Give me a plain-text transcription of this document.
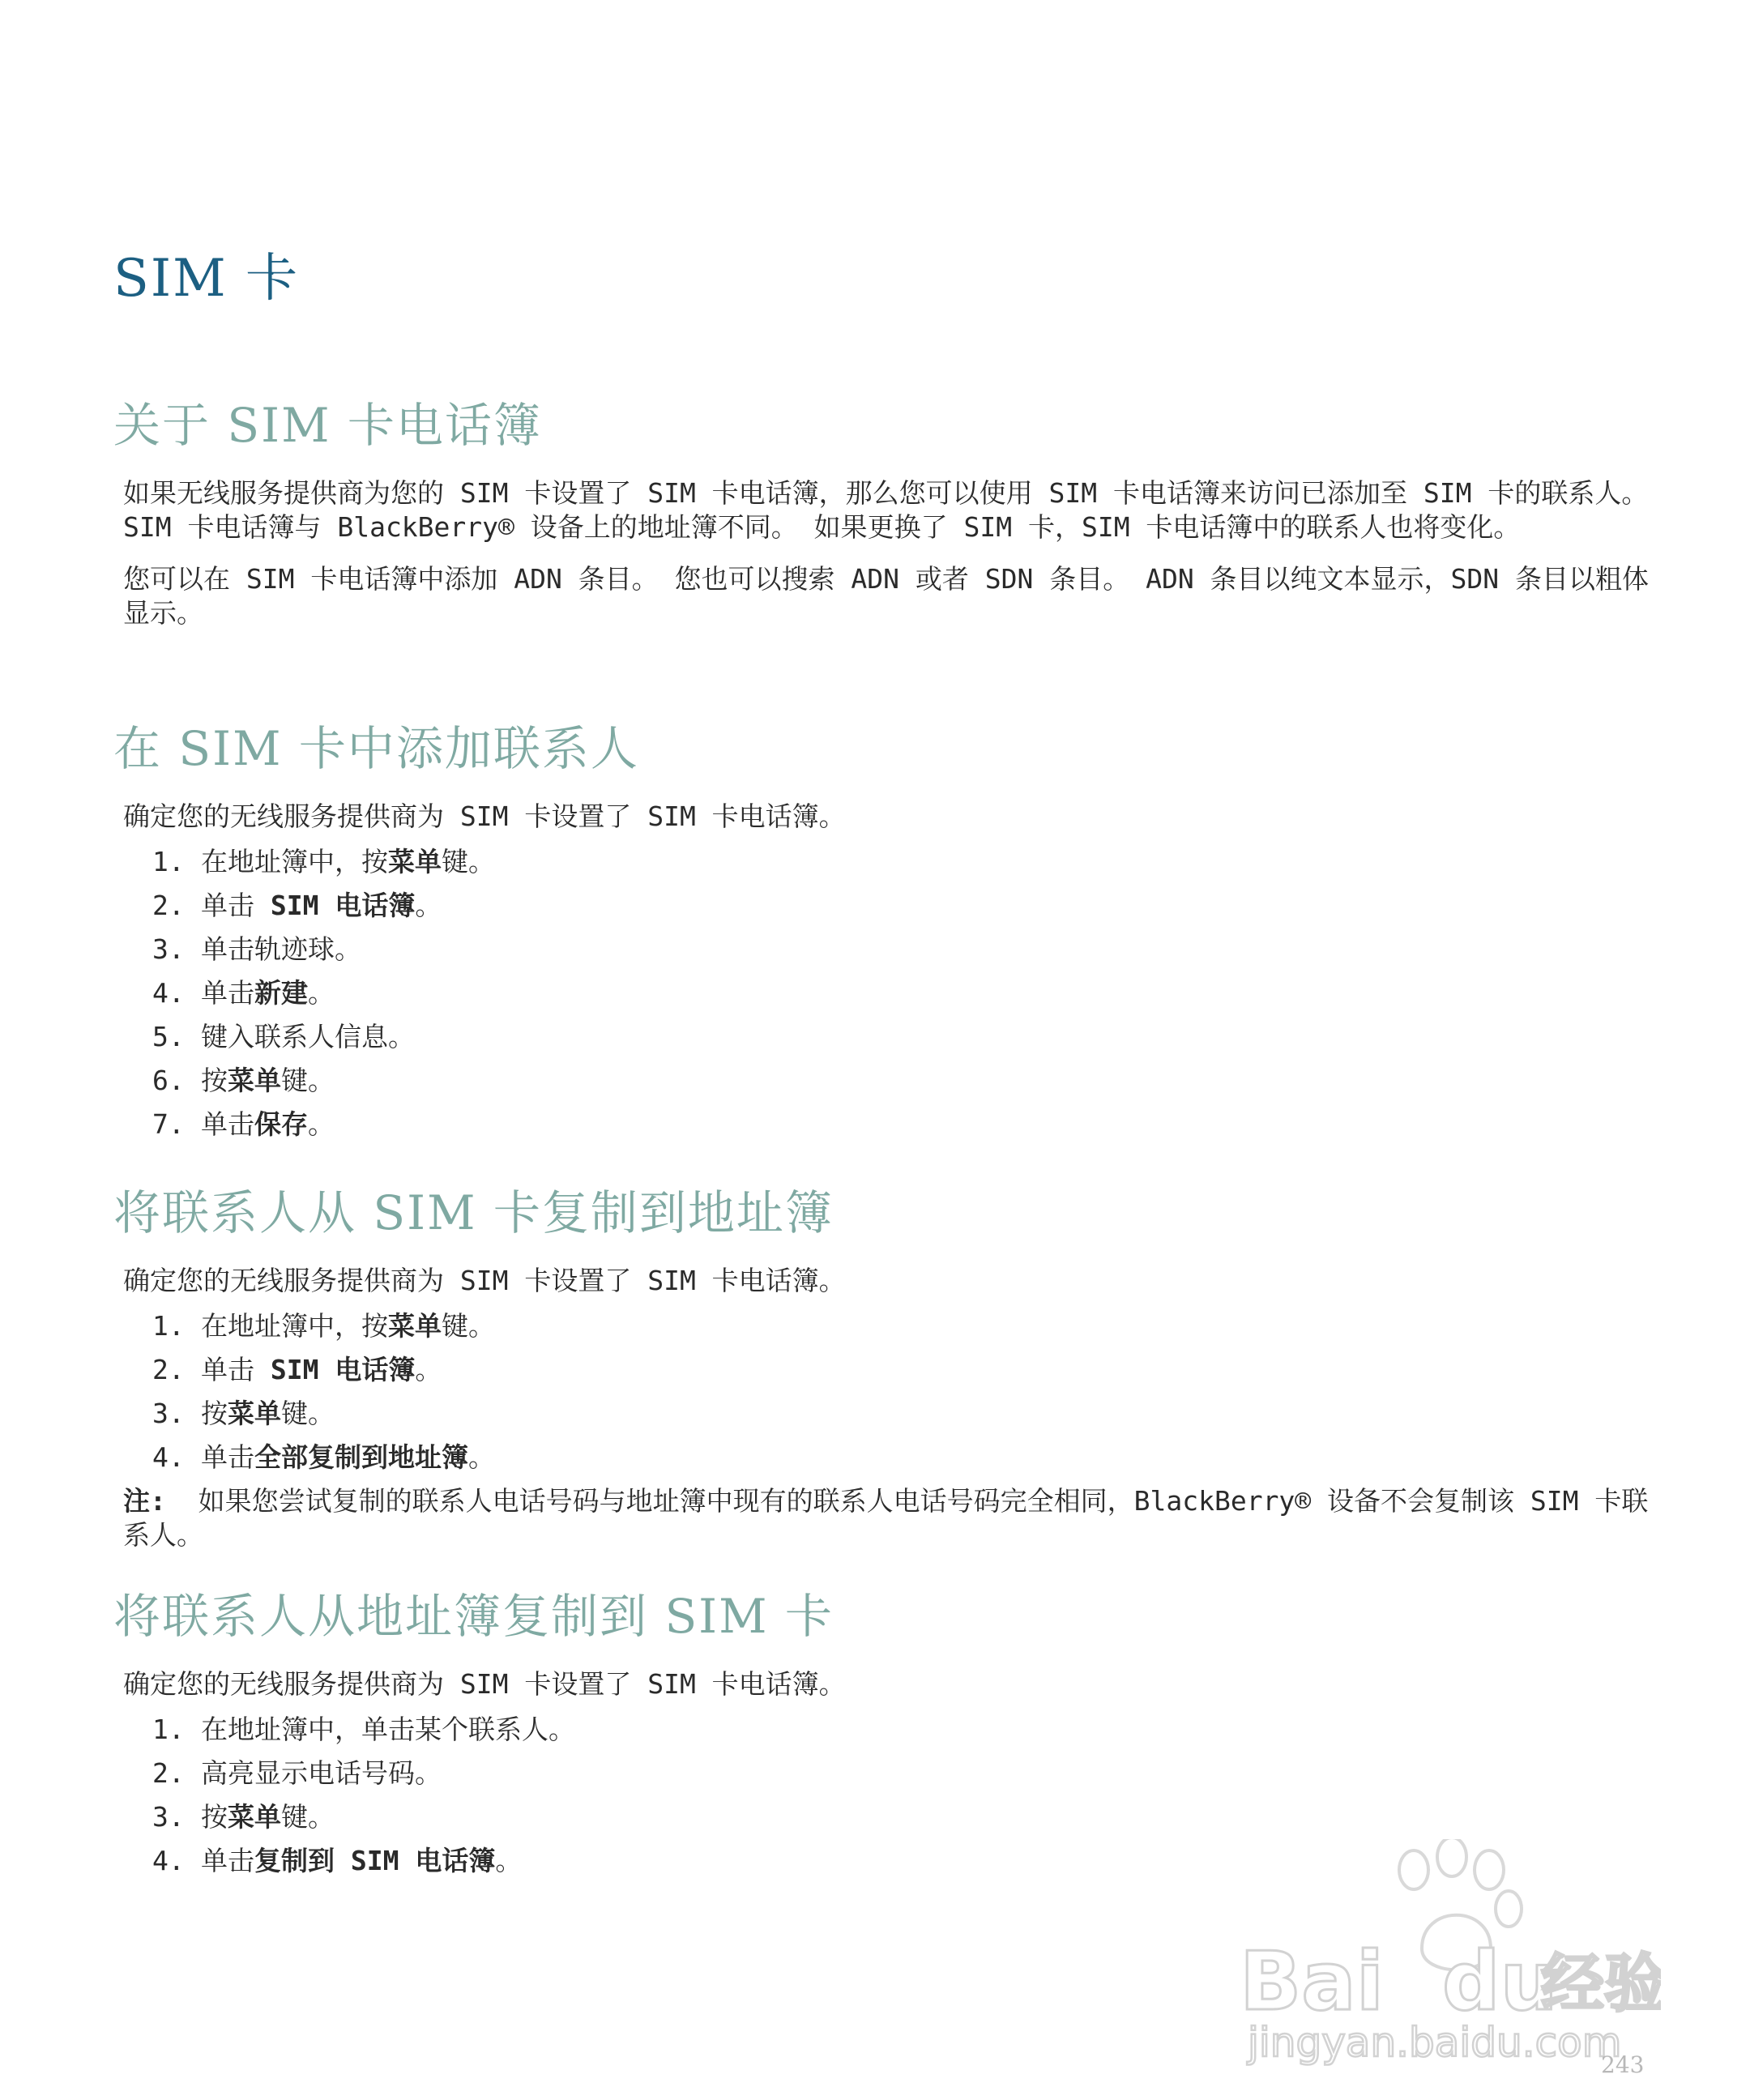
SIM 卡
关于 SIM 卡电话簿

如果无线服务提供商为您的 SIM 卡设置了 SIM 卡电话簿，那么您可以使用 SIM 卡电话簿来访问已添加至 SIM 卡的联系人。 SIM 卡电话簿与 BlackBerry® 设备上的地址簿不同。 如果更换了 SIM 卡，SIM 卡电话簿中的联系人也将变化。

您可以在 SIM 卡电话簿中添加 ADN 条目。 您也可以搜索 ADN 或者 SDN 条目。 ADN 条目以纯文本显示，SDN 条目以粗体显示。

在 SIM 卡中添加联系人

确定您的无线服务提供商为 SIM 卡设置了 SIM 卡电话簿。

1. 在地址簿中，按菜单键。
2. 单击 SIM 电话簿。
3. 单击轨迹球。
4. 单击新建。
5. 键入联系人信息。
6. 按菜单键。
7. 单击保存。
将联系人从 SIM 卡复制到地址簿

确定您的无线服务提供商为 SIM 卡设置了 SIM 卡电话簿。

1. 在地址簿中，按菜单键。
2. 单击 SIM 电话簿。
3. 按菜单键。
4. 单击全部复制到地址簿。

注: 如果您尝试复制的联系人电话号码与地址簿中现有的联系人电话号码完全相同，BlackBerry® 设备不会复制该 SIM 卡联系人。

将联系人从地址簿复制到 SIM 卡

确定您的无线服务提供商为 SIM 卡设置了 SIM 卡电话簿。

1. 在地址簿中，单击某个联系人。
2. 高亮显示电话号码。
3. 按菜单键。
4. 单击复制到 SIM 电话簿。
Bai du
经验
jingyan.baidu.com
243
